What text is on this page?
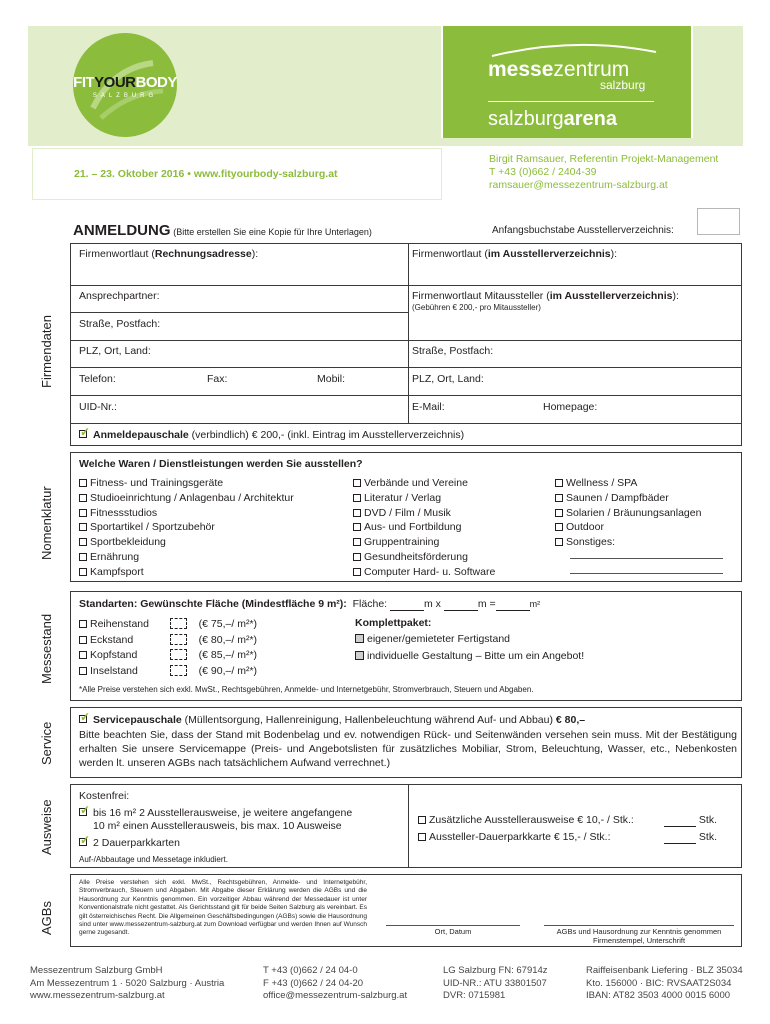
FITYOURBODY
SALZBURG
messezentrum
salzburg
salzburgarena
21. – 23. Oktober 2016 • www.fityourbody-salzburg.at
Birgit Ramsauer, Referentin Projekt-Management
T +43 (0)662 / 2404-39
ramsauer@messezentrum-salzburg.at
ANMELDUNG (Bitte erstellen Sie eine Kopie für Ihre Unterlagen)	Anfangsbuchstabe Ausstellerverzeichnis:
Firmendaten
Firmenwortlaut (Rechnungsadresse):	Firmenwortlaut (im Ausstellerverzeichnis):
Ansprechpartner:	Firmenwortlaut Mitaussteller (im Ausstellerverzeichnis):
(Gebühren € 200,- pro Mitaussteller)
Straße, Postfach:
PLZ, Ort, Land:	Straße, Postfach:
Telefon:	Fax:	Mobil:	PLZ, Ort, Land:
UID-Nr.:	E-Mail:	Homepage:
✓ Anmeldepauschale (verbindlich) € 200,- (inkl. Eintrag im Ausstellerverzeichnis)
Nomenklatur
Welche Waren / Dienstleistungen werden Sie ausstellen?
Fitness- und Trainingsgeräte
Studioeinrichtung / Anlagenbau / Architektur
Fitnessstudios
Sportartikel / Sportzubehör
Sportbekleidung
Ernährung
Kampfsport
Verbände und Vereine
Literatur / Verlag
DVD / Film / Musik
Aus- und Fortbildung
Gruppentraining
Gesundheitsförderung
Computer Hard- u. Software
Wellness / SPA
Saunen / Dampfbäder
Solarien / Bräunungsanlagen
Outdoor
Sonstiges:
Messestand
Standarten: Gewünschte Fläche (Mindestfläche 9 m²): Fläche:	m x	m =	m²
Reihenstand	(€ 75,–/ m²*)
Eckstand	(€ 80,–/ m²*)
Kopfstand	(€ 85,–/ m²*)
Inselstand	(€ 90,–/ m²*)
Komplettpaket:
eigener/gemieteter Fertigstand
individuelle Gestaltung – Bitte um ein Angebot!
*Alle Preise verstehen sich exkl. MwSt., Rechtsgebühren, Anmelde- und Internetgebühr, Stromverbrauch, Steuern und Abgaben.
Service
✓ Servicepauschale (Müllentsorgung, Hallenreinigung, Hallenbeleuchtung während Auf- und Abbau) € 80,–
Bitte beachten Sie, dass der Stand mit Bodenbelag und ev. notwendigen Rück- und Seitenwänden versehen sein muss. Mit der Bestätigung erhalten Sie unsere Servicemappe (Preis- und Angebotslisten für zusätzliches Mobiliar, Strom, Beleuchtung, Wasser, etc., Nebenkosten werden lt. unseren AGBs nach tatsächlichem Aufwand verrechnet.)
Ausweise
Kostenfrei:
✓ bis 16 m² 2 Ausstellerausweise, je weitere angefangene
10 m² einen Ausstellerausweis, bis max. 10 Ausweise
✓ 2 Dauerparkkarten
Auf-/Abbautage und Messetage inkludiert.
Zusätzliche Ausstellerausweise € 10,- / Stk.:
Aussteller-Dauerparkkarte € 15,- / Stk.:
Stk.
Stk.
AGBs
Alle Preise verstehen sich exkl. MwSt., Rechtsgebühren, Anmelde- und Internetgebühr, Stromverbrauch, Steuern und Abgaben. Mit Abgabe dieser Erklärung werden die AGBs und die Hausordnung zur Kenntnis genommen. Ein vorzeitiger Abbau während der Messedauer ist unter Konventionalstrafe nicht gestattet. Als Gerichtsstand gilt für beide Seiten Salzburg als vereinbart. Es gilt österreichisches Recht. Die Allgemeinen Geschäftsbedingungen (AGBs) sowie die Hausordnung sind unter www.messezentrum-salzburg.at zum Download verfügbar und werden Ihnen auf Wunsch gerne zugesandt.	Ort, Datum	AGBs und Hausordnung zur Kenntnis genommen
Firmenstempel, Unterschrift
Messezentrum Salzburg GmbH
Am Messezentrum 1 · 5020 Salzburg · Austria
www.messezentrum-salzburg.at
T +43 (0)662 / 24 04-0
F +43 (0)662 / 24 04-20
office@messezentrum-salzburg.at
LG Salzburg FN: 67914z
UID-NR.: ATU 33801507
DVR: 0715981
Raiffeisenbank Liefering · BLZ 35034
Kto. 156000 · BIC: RVSAAT2S034
IBAN: AT82 3503 4000 0015 6000
